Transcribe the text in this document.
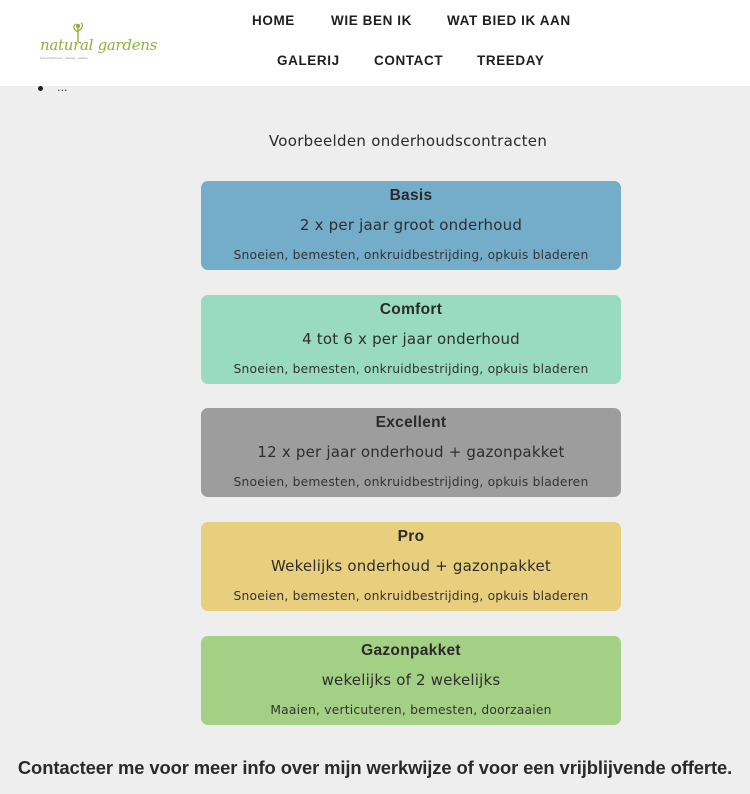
natural gardens
tuinonderhoud · aanleg · advies
HOME	WIE BEN IK	WAT BIED IK AAN
GALERIJ	CONTACT	TREEDAY
...
Voorbeelden onderhoudscontracten
Basis
2 x per jaar groot onderhoud
Snoeien, bemesten, onkruidbestrijding, opkuis bladeren
Comfort
4 tot 6 x per jaar onderhoud
Snoeien, bemesten, onkruidbestrijding, opkuis bladeren
Excellent
12 x per jaar onderhoud + gazonpakket
Snoeien, bemesten, onkruidbestrijding, opkuis bladeren
Pro
Wekelijks onderhoud + gazonpakket
Snoeien, bemesten, onkruidbestrijding, opkuis bladeren
Gazonpakket
wekelijks of 2 wekelijks
Maaien, verticuteren, bemesten, doorzaaien
Contacteer me voor meer info over mijn werkwijze of voor een vrijblijvende offerte.
